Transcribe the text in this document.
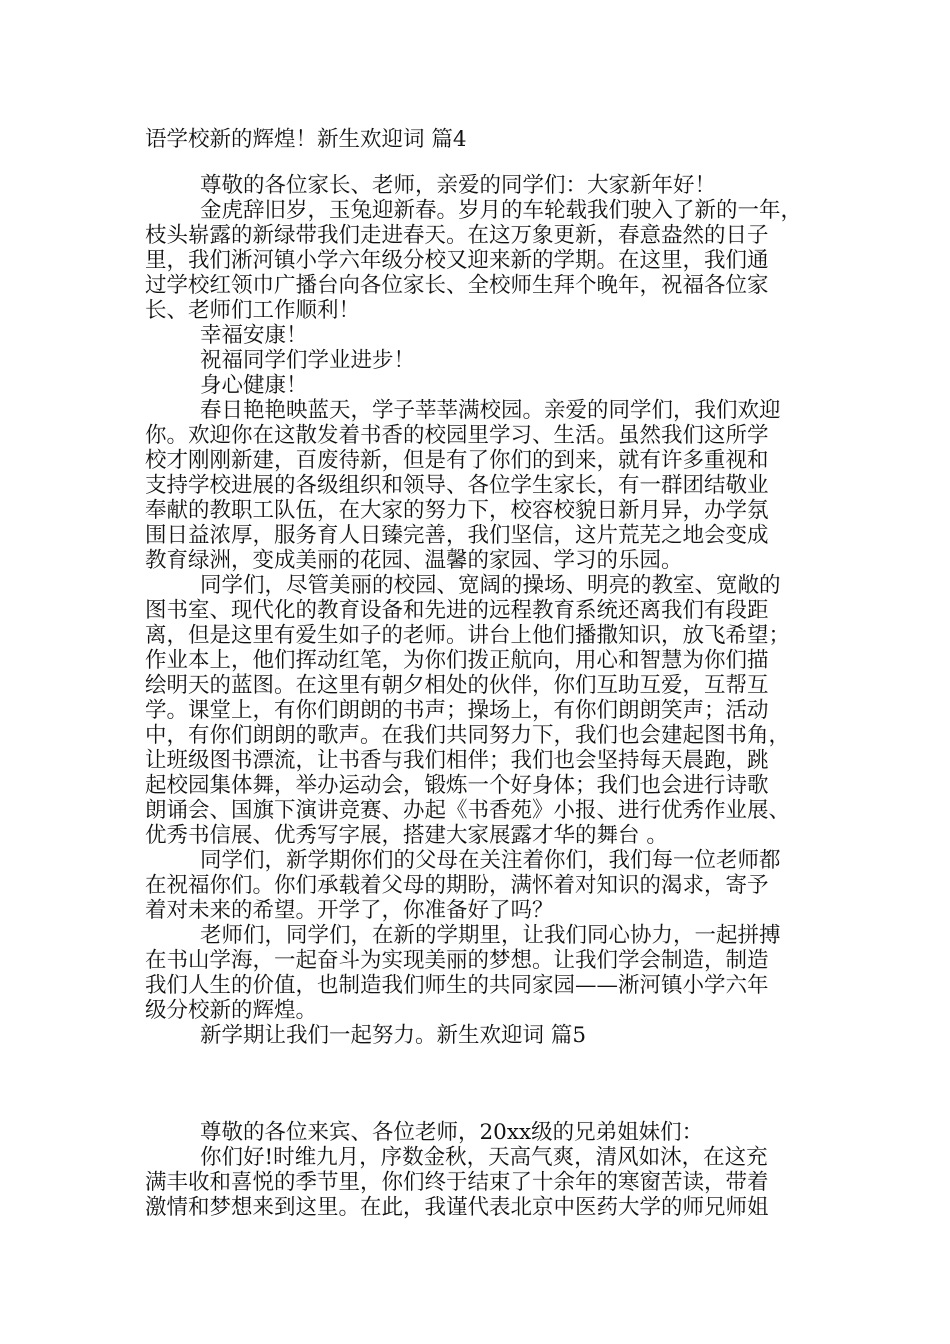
语学校新的辉煌！新生欢迎词 篇4
尊敬的各位家长、老师，亲爱的同学们：大家新年好！
金虎辞旧岁，玉兔迎新春。岁月的车轮载我们驶入了新的一年，
枝头崭露的新绿带我们走进春天。在这万象更新，春意盎然的日子
里，我们淅河镇小学六年级分校又迎来新的学期。在这里，我们通
过学校红领巾广播台向各位家长、全校师生拜个晚年，祝福各位家
长、老师们工作顺利！
幸福安康！
祝福同学们学业进步！
身心健康！
春日艳艳映蓝天，学子莘莘满校园。亲爱的同学们，我们欢迎
你。欢迎你在这散发着书香的校园里学习、生活。虽然我们这所学
校才刚刚新建，百废待新，但是有了你们的到来，就有许多重视和
支持学校进展的各级组织和领导、各位学生家长，有一群团结敬业
奉献的教职工队伍，在大家的努力下，校容校貌日新月异，办学氛
围日益浓厚，服务育人日臻完善，我们坚信，这片荒芜之地会变成
教育绿洲，变成美丽的花园、温馨的家园、学习的乐园。
同学们，尽管美丽的校园、宽阔的操场、明亮的教室、宽敞的
图书室、现代化的教育设备和先进的远程教育系统还离我们有段距
离，但是这里有爱生如子的老师。讲台上他们播撒知识，放飞希望；
作业本上，他们挥动红笔，为你们拨正航向，用心和智慧为你们描
绘明天的蓝图。在这里有朝夕相处的伙伴，你们互助互爱，互帮互
学。课堂上，有你们朗朗的书声；操场上，有你们朗朗笑声；活动
中，有你们朗朗的歌声。在我们共同努力下，我们也会建起图书角，
让班级图书漂流，让书香与我们相伴；我们也会坚持每天晨跑，跳
起校园集体舞，举办运动会，锻炼一个好身体；我们也会进行诗歌
朗诵会、国旗下演讲竞赛、办起《书香苑》小报、进行优秀作业展、
优秀书信展、优秀写字展，搭建大家展露才华的舞台 。
同学们，新学期你们的父母在关注着你们，我们每一位老师都
在祝福你们。你们承载着父母的期盼，满怀着对知识的渴求，寄予
着对未来的希望。开学了，你准备好了吗？
老师们，同学们，在新的学期里，让我们同心协力，一起拼搏
在书山学海，一起奋斗为实现美丽的梦想。让我们学会制造，制造
我们人生的价值，也制造我们师生的共同家园——淅河镇小学六年
级分校新的辉煌。
新学期让我们一起努力。新生欢迎词 篇5
尊敬的各位来宾、各位老师，20xx级的兄弟姐妹们：
你们好!时维九月，序数金秋，天高气爽，清风如沐，在这充
满丰收和喜悦的季节里，你们终于结束了十余年的寒窗苦读，带着
激情和梦想来到这里。在此，我谨代表北京中医药大学的师兄师姐
